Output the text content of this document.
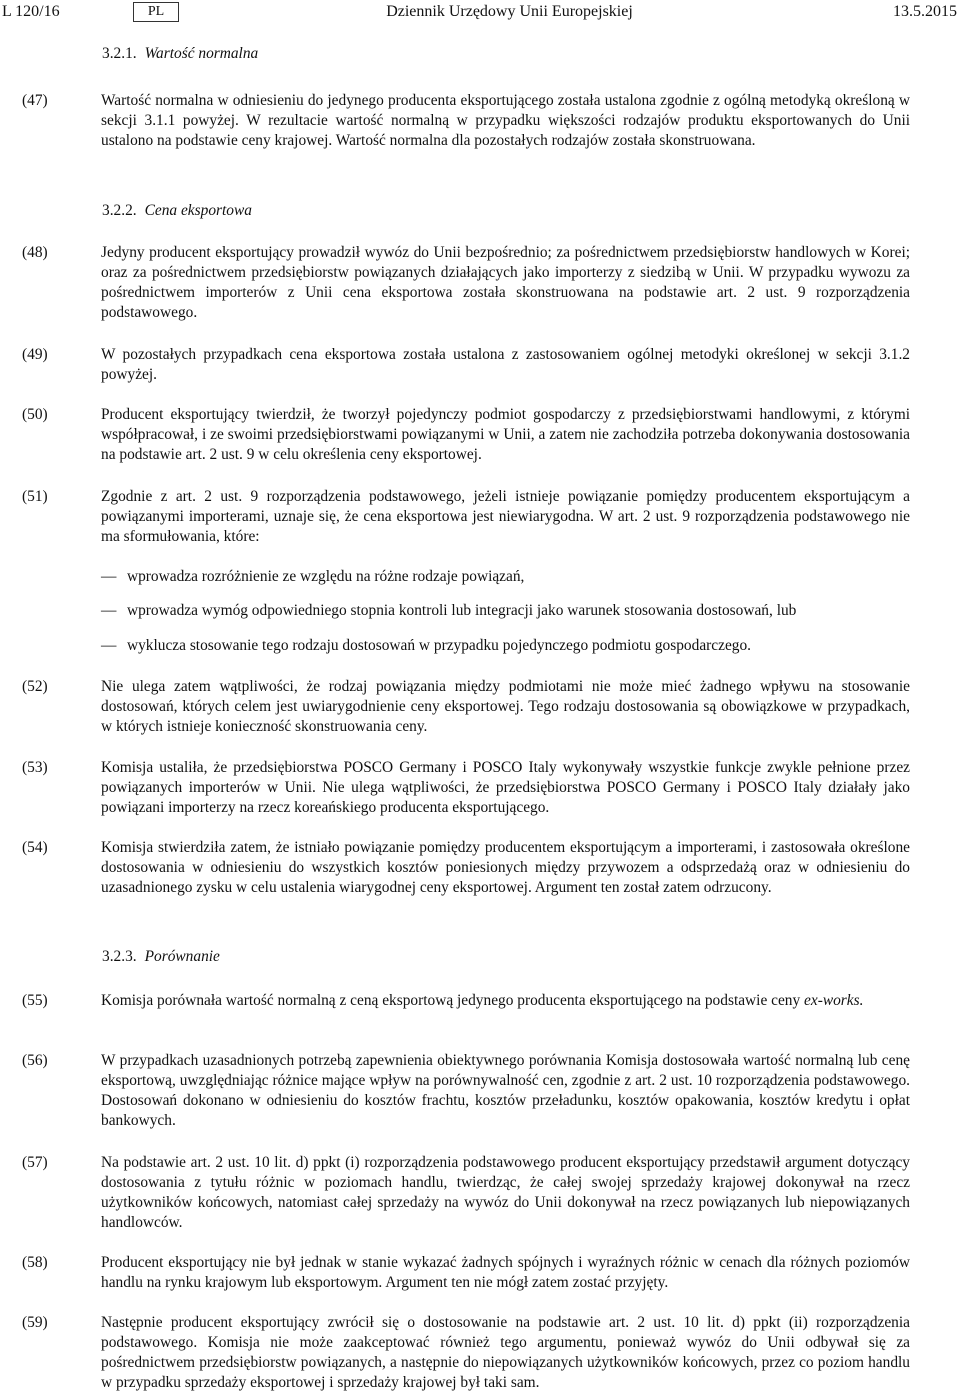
L 120/16	PL	Dziennik Urzędowy Unii Europejskiej	13.5.2015
3.2.1. Wartość normalna
(47)	Wartość normalna w odniesieniu do jedynego producenta eksportującego została ustalona zgodnie z ogólną metodyką określoną w sekcji 3.1.1 powyżej. W rezultacie wartość normalną w przypadku większości rodzajów produktu eksportowanych do Unii ustalono na podstawie ceny krajowej. Wartość normalna dla pozostałych rodzajów została skonstruowana.
3.2.2. Cena eksportowa
(48)	Jedyny producent eksportujący prowadził wywóz do Unii bezpośrednio; za pośrednictwem przedsiębiorstw handlowych w Korei; oraz za pośrednictwem przedsiębiorstw powiązanych działających jako importerzy z siedzibą w Unii. W przypadku wywozu za pośrednictwem importerów z Unii cena eksportowa została skonstruowana na podstawie art. 2 ust. 9 rozporządzenia podstawowego.
(49)	W pozostałych przypadkach cena eksportowa została ustalona z zastosowaniem ogólnej metodyki określonej w sekcji 3.1.2 powyżej.
(50)	Producent eksportujący twierdził, że tworzył pojedynczy podmiot gospodarczy z przedsiębiorstwami handlowymi, z którymi współpracował, i ze swoimi przedsiębiorstwami powiązanymi w Unii, a zatem nie zachodziła potrzeba dokonywania dostosowania na podstawie art. 2 ust. 9 w celu określenia ceny eksportowej.
(51)	Zgodnie z art. 2 ust. 9 rozporządzenia podstawowego, jeżeli istnieje powiązanie pomiędzy producentem eksportującym a powiązanymi importerami, uznaje się, że cena eksportowa jest niewiarygodna. W art. 2 ust. 9 rozporządzenia podstawowego nie ma sformułowania, które:
— wprowadza rozróżnienie ze względu na różne rodzaje powiązań,
— wprowadza wymóg odpowiedniego stopnia kontroli lub integracji jako warunek stosowania dostosowań, lub
— wyklucza stosowanie tego rodzaju dostosowań w przypadku pojedynczego podmiotu gospodarczego.
(52)	Nie ulega zatem wątpliwości, że rodzaj powiązania między podmiotami nie może mieć żadnego wpływu na stosowanie dostosowań, których celem jest uwiarygodnienie ceny eksportowej. Tego rodzaju dostosowania są obowiązkowe w przypadkach, w których istnieje konieczność skonstruowania ceny.
(53)	Komisja ustaliła, że przedsiębiorstwa POSCO Germany i POSCO Italy wykonywały wszystkie funkcje zwykle pełnione przez powiązanych importerów w Unii. Nie ulega wątpliwości, że przedsiębiorstwa POSCO Germany i POSCO Italy działały jako powiązani importerzy na rzecz koreańskiego producenta eksportującego.
(54)	Komisja stwierdziła zatem, że istniało powiązanie pomiędzy producentem eksportującym a importerami, i zastosowała określone dostosowania w odniesieniu do wszystkich kosztów poniesionych między przywozem a odsprzedażą oraz w odniesieniu do uzasadnionego zysku w celu ustalenia wiarygodnej ceny eksportowej. Argument ten został zatem odrzucony.
3.2.3. Porównanie
(55)	Komisja porównała wartość normalną z ceną eksportową jedynego producenta eksportującego na podstawie ceny ex-works.
(56)	W przypadkach uzasadnionych potrzebą zapewnienia obiektywnego porównania Komisja dostosowała wartość normalną lub cenę eksportową, uwzględniając różnice mające wpływ na porównywalność cen, zgodnie z art. 2 ust. 10 rozporządzenia podstawowego. Dostosowań dokonano w odniesieniu do kosztów frachtu, kosztów przeładunku, kosztów opakowania, kosztów kredytu i opłat bankowych.
(57)	Na podstawie art. 2 ust. 10 lit. d) ppkt (i) rozporządzenia podstawowego producent eksportujący przedstawił argument dotyczący dostosowania z tytułu różnic w poziomach handlu, twierdząc, że całej swojej sprzedaży krajowej dokonywał na rzecz użytkowników końcowych, natomiast całej sprzedaży na wywóz do Unii dokonywał na rzecz powiązanych lub niepowiązanych handlowców.
(58)	Producent eksportujący nie był jednak w stanie wykazać żadnych spójnych i wyraźnych różnic w cenach dla różnych poziomów handlu na rynku krajowym lub eksportowym. Argument ten nie mógł zatem zostać przyjęty.
(59)	Następnie producent eksportujący zwrócił się o dostosowanie na podstawie art. 2 ust. 10 lit. d) ppkt (ii) rozporządzenia podstawowego. Komisja nie może zaakceptować również tego argumentu, ponieważ wywóz do Unii odbywał się za pośrednictwem przedsiębiorstw powiązanych, a następnie do niepowiązanych użytkowników końcowych, przez co poziom handlu w przypadku sprzedaży eksportowej i sprzedaży krajowej był taki sam.
